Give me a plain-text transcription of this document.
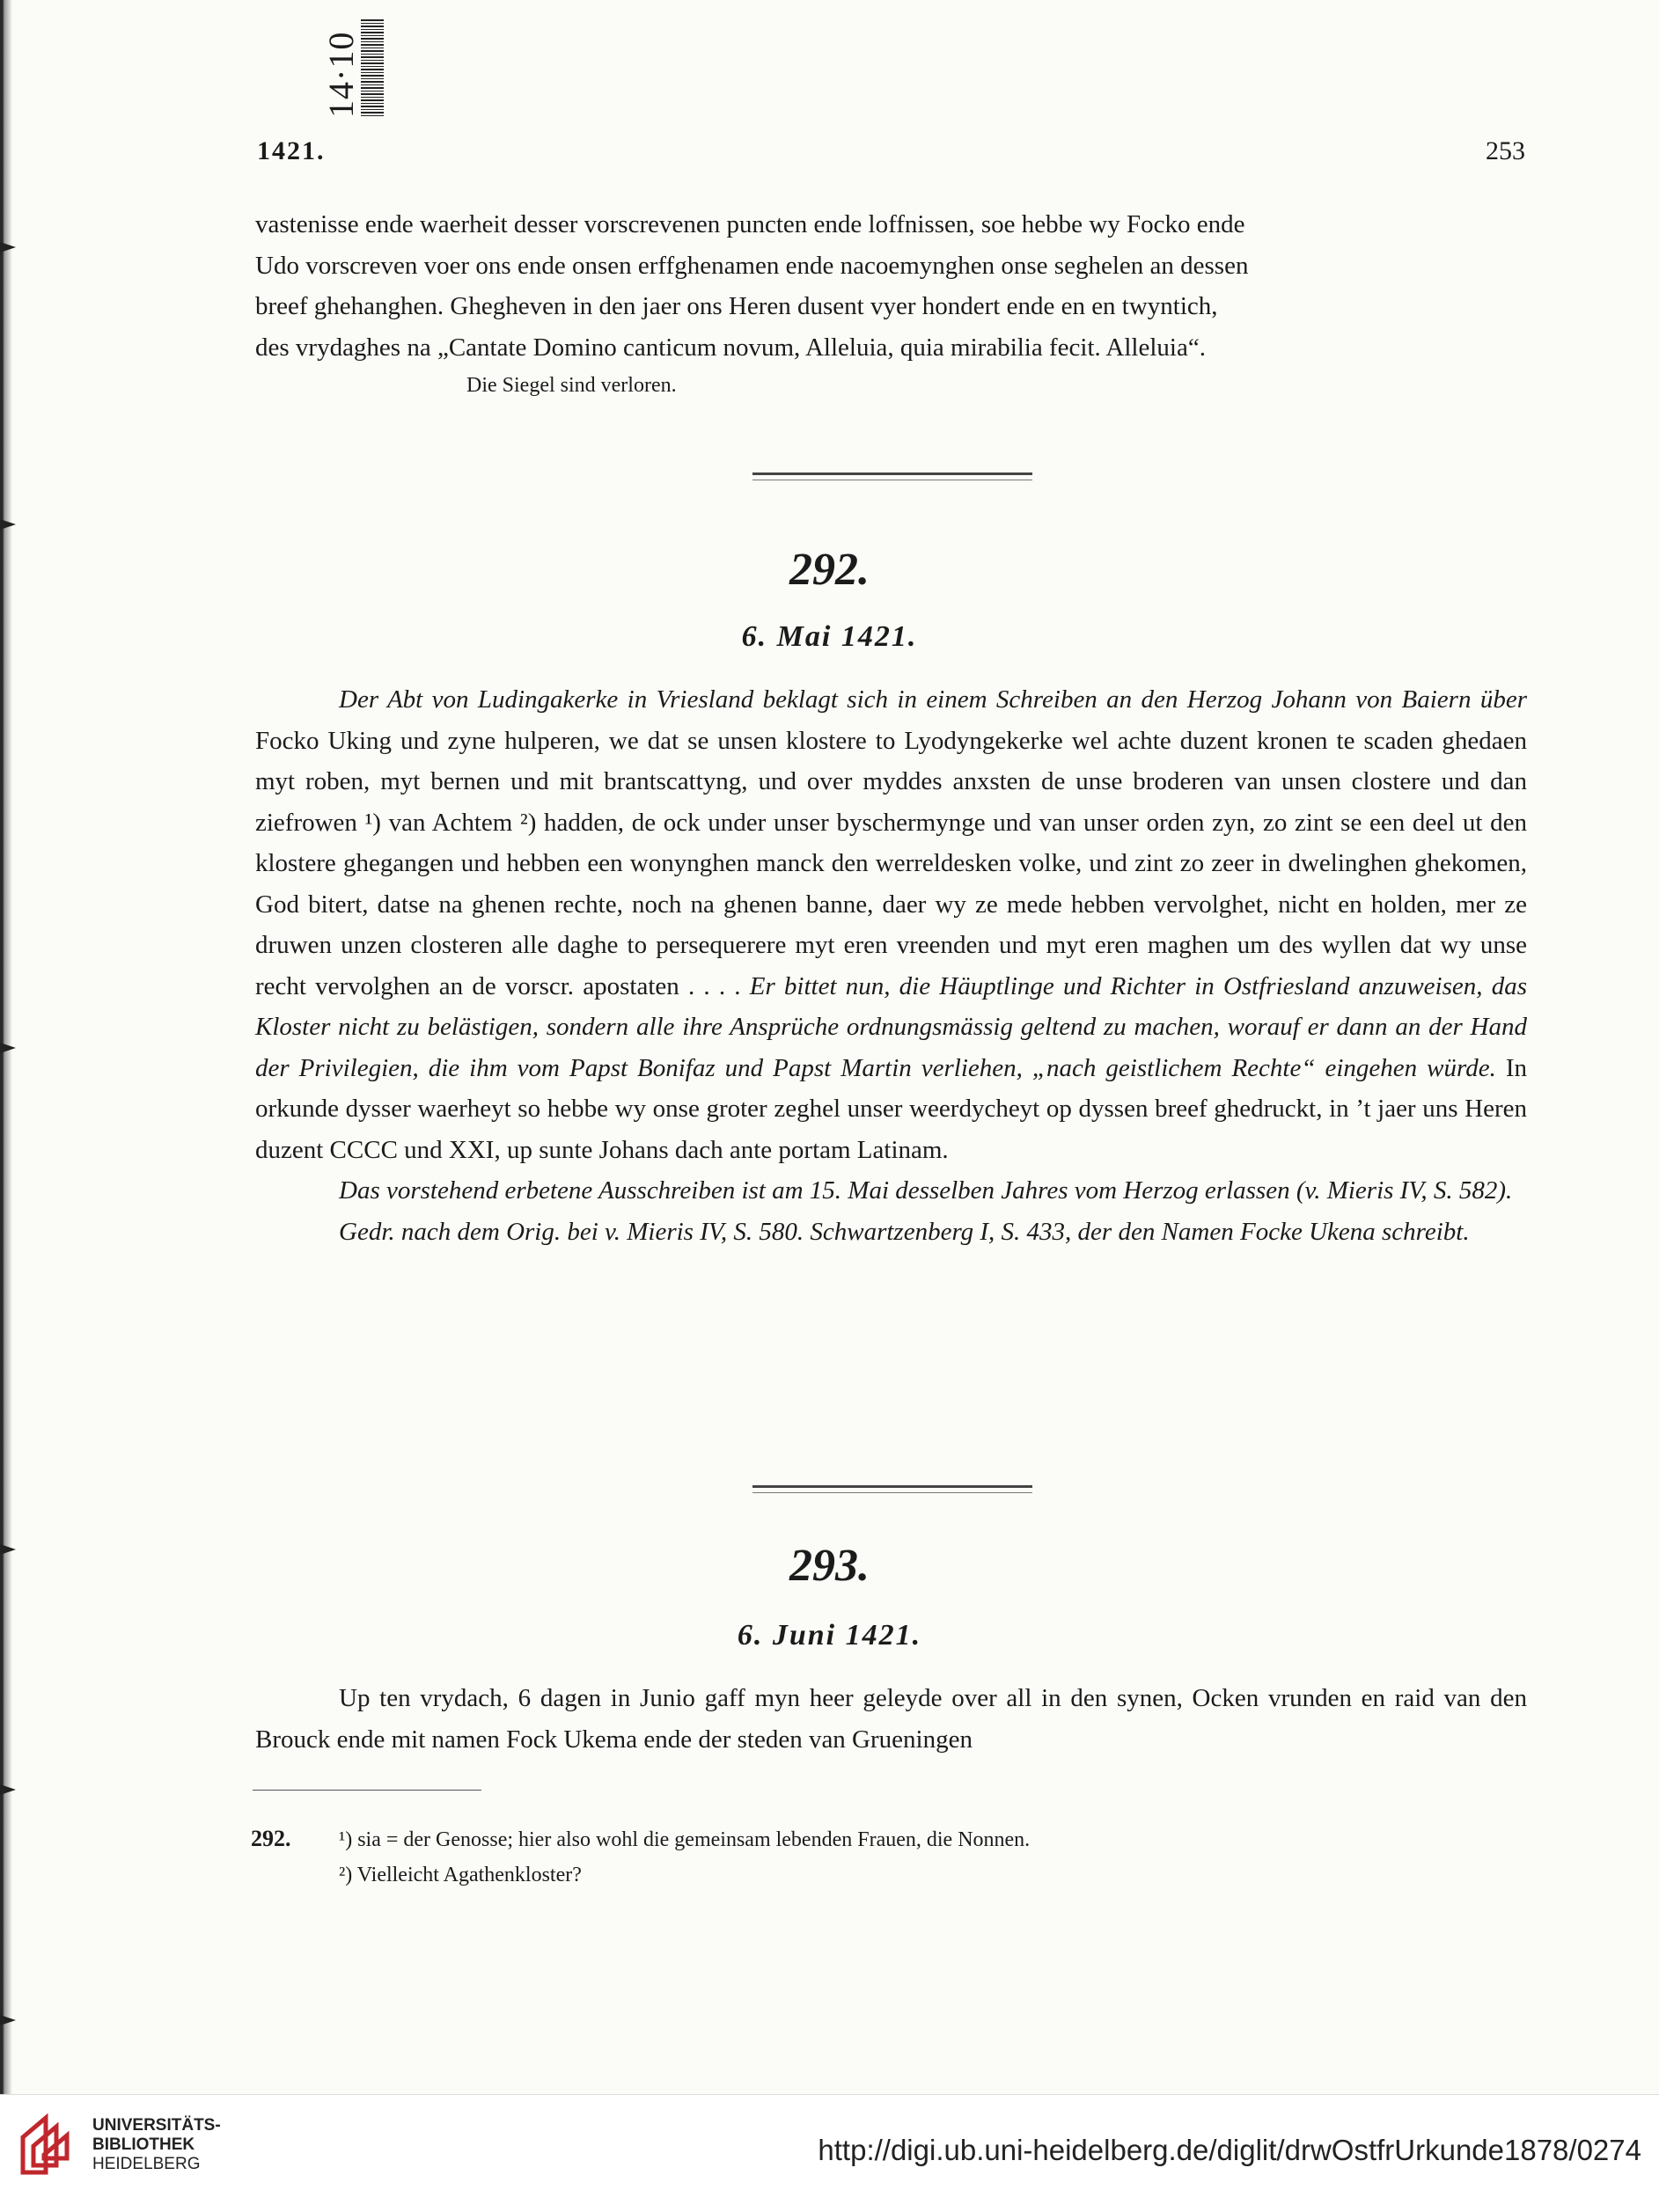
14·10
1421.	253
vastenisse ende waerheit desser vorscrevenen puncten ende loffnissen, soe hebbe wy Focko ende
Udo vorscreven voer ons ende onsen erffghenamen ende nacoemynghen onse seghelen an dessen
breef ghehanghen. Ghegheven in den jaer ons Heren dusent vyer hondert ende en en twyntich,
des vrydaghes na „Cantate Domino canticum novum, Alleluia, quia mirabilia fecit. Alleluia“.
Die Siegel sind verloren.
292.
6. Mai 1421.

Der Abt von Ludingakerke in Vriesland beklagt sich in einem Schreiben an den Herzog Johann von Baiern über Focko Uking und zyne hulperen, we dat se unsen klostere to Lyodyngekerke wel achte duzent kronen te scaden ghedaen myt roben, myt bernen und mit brantscattyng, und over myddes anxsten de unse broderen van unsen clostere und dan ziefrowen ¹) van Achtem ²) hadden, de ock under unser byschermynge und van unser orden zyn, zo zint se een deel ut den klostere ghegangen und hebben een wonynghen manck den werreldesken volke, und zint zo zeer in dwelinghen ghekomen, God bitert, datse na ghenen rechte, noch na ghenen banne, daer wy ze mede hebben vervolghet, nicht en holden, mer ze druwen unzen closteren alle daghe to persequerere myt eren vreenden und myt eren maghen um des wyllen dat wy unse recht vervolghen an de vorscr. apostaten . . . . Er bittet nun, die Häuptlinge und Richter in Ostfriesland anzuweisen, das Kloster nicht zu belästigen, sondern alle ihre Ansprüche ordnungsmässig geltend zu machen, worauf er dann an der Hand der Privilegien, die ihm vom Papst Bonifaz und Papst Martin verliehen, „nach geistlichem Rechte“ eingehen würde. In orkunde dysser waerheyt so hebbe wy onse groter zeghel unser weerdycheyt op dyssen breef ghedruckt, in ’t jaer uns Heren duzent CCCC und XXI, up sunte Johans dach ante portam Latinam.

Das vorstehend erbetene Ausschreiben ist am 15. Mai desselben Jahres vom Herzog erlassen (v. Mieris IV, S. 582).

Gedr. nach dem Orig. bei v. Mieris IV, S. 580. Schwartzenberg I, S. 433, der den Namen Focke Ukena schreibt.

293.
6. Juni 1421.

Up ten vrydach, 6 dagen in Junio gaff myn heer geleyde over all in den synen, Ocken vrunden en raid van den Brouck ende mit namen Fock Ukema ende der steden van Grueningen

292. ¹) sia = der Genosse; hier also wohl die gemeinsam lebenden Frauen, die Nonnen.
²) Vielleicht Agathenkloster?
UNIVERSITÄTS-
BIBLIOTHEK
HEIDELBERG	http://digi.ub.uni-heidelberg.de/diglit/drwOstfrUrkunde1878/0274
